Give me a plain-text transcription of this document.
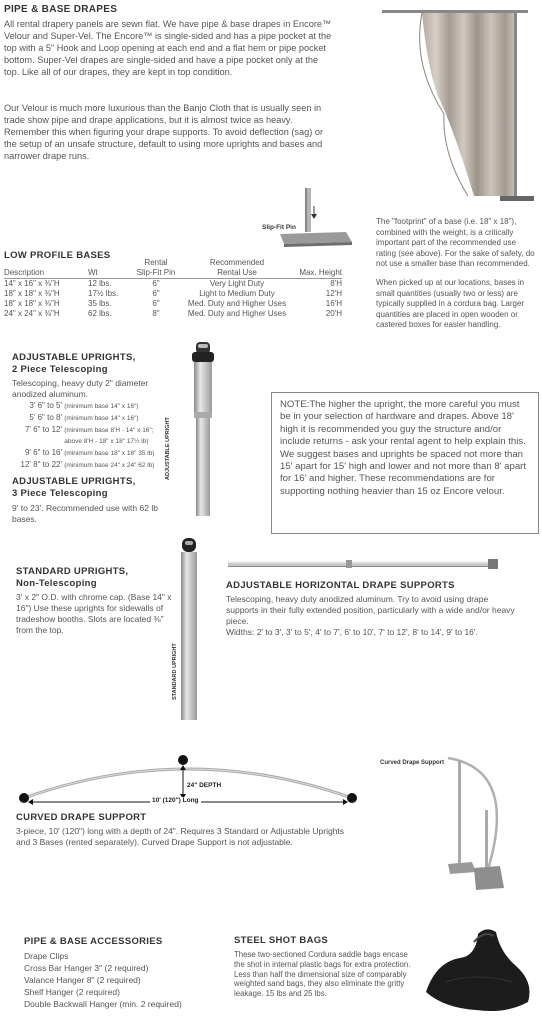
PIPE & BASE DRAPES
All rental drapery panels are sewn flat. We have pipe & base drapes in Encore™ Velour and Super-Vel. The Encore™ is single-sided and has a pipe pocket at the top with a 5" Hook and Loop opening at each end and a flat hem or pipe pocket bottom. Super-Vel drapes are single-sided and have a pipe pocket only at the top. Like all of our drapes, they are kept in top condition.
Our Velour is much more luxurious than the Banjo Cloth that is usually seen in trade show pipe and drape applications, but it is almost twice as heavy. Remember this when figuring your drape supports. To avoid deflection (sag) or the setup of an unsafe structure, default to using more uprights and bases and narrower drape runs.
Slip-Fit Pin
The "footprint" of a base (i.e. 18" x 18"), combined with the weight, is a critically important part of the recommended use rating (see above). For the sake of safety, do not use a smaller base than recommended.
When picked up at our locations, bases in small quantities (usually two or less) are typically supplied in a cordura bag. Larger quantities are placed in open wooden or castered boxes for easier handling.
LOW PROFILE BASES
		Rental	Recommended	
Description	Wt	Slip-Fit Pin	Rental Use	Max. Height
14" x 16" x ⅜"H	12 lbs.	6"	Very Light Duty	8'H
18" x 18" x ⅜"H	17½ lbs.	6"	Light to Medium Duty	12'H
18" x 18" x ⅜"H	35 lbs.	6"	Med. Duty and Higher Uses	16'H
24" x 24" x ⅜"H	62 lbs.	8"	Med. Duty and Higher Uses	20'H
ADJUSTABLE UPRIGHTS,
2 Piece Telescoping
Telescoping, heavy duty 2" diameter anodized aluminum.
3' 6" to 5' (minimum base 14" x 16")
5' 6" to 8' (minimum base 14" x 16")
7' 6" to 12' (minimum base 8'H - 14" x 16";
above 8'H - 18" x 18" 17½ lb)
9' 6" to 16' (minimum base 18" x 18" 35 lb)
12' 8" to 22' (minimum base 24" x 24" 62 lb)
ADJUSTABLE UPRIGHTS,
3 Piece Telescoping
9' to 23'. Recommended use with 62 lb bases.
ADJUSTABLE UPRIGHT
NOTE:The higher the upright, the more careful you must be in your selection of hardware and drapes. Above 18' high it is recommended you guy the structure and/or include returns - ask your rental agent to help explain this. We suggest bases and uprights be spaced not more than 15' apart for 15' high and lower and not more than 8' apart for 16' and higher. These recommendations are for supporting nothing heavier than 15 oz Encore velour.
STANDARD UPRIGHTS,
Non-Telescoping
3' x 2" O.D. with chrome cap. (Base 14" x 16") Use these uprights for sidewalls of tradeshow booths. Slots are located ⅜" from the top.
STANDARD UPRIGHT
ADJUSTABLE HORIZONTAL DRAPE SUPPORTS
Telescoping, heavy duty anodized aluminum. Try to avoid using drape supports in their fully extended position, particularly with a wide and/or heavy piece.
Widths: 2' to 3', 3' to 5', 4' to 7', 6' to 10', 7' to 12', 8' to 14', 9' to 16'.
24" DEPTH
10' (120") Long
CURVED DRAPE SUPPORT
3-piece, 10' (120") long with a depth of 24". Requires 3 Standard or Adjustable Uprights and 3 Bases (rented separately). Curved Drape Support is not adjustable.
Curved Drape Support
PIPE & BASE ACCESSORIES
Drape Clips
Cross Bar Hanger 3" (2 required)
Valance Hanger 8" (2 required)
Shelf Hanger (2 required)
Double Backwall Hanger (min. 2 required)
STEEL SHOT BAGS
These two-sectioned Cordura saddle bags encase the shot in internal plastic bags for extra protection. Less than half the dimensional size of comparably weighted sand bags, they also eliminate the gritty leakage. 15 lbs and 25 lbs.
